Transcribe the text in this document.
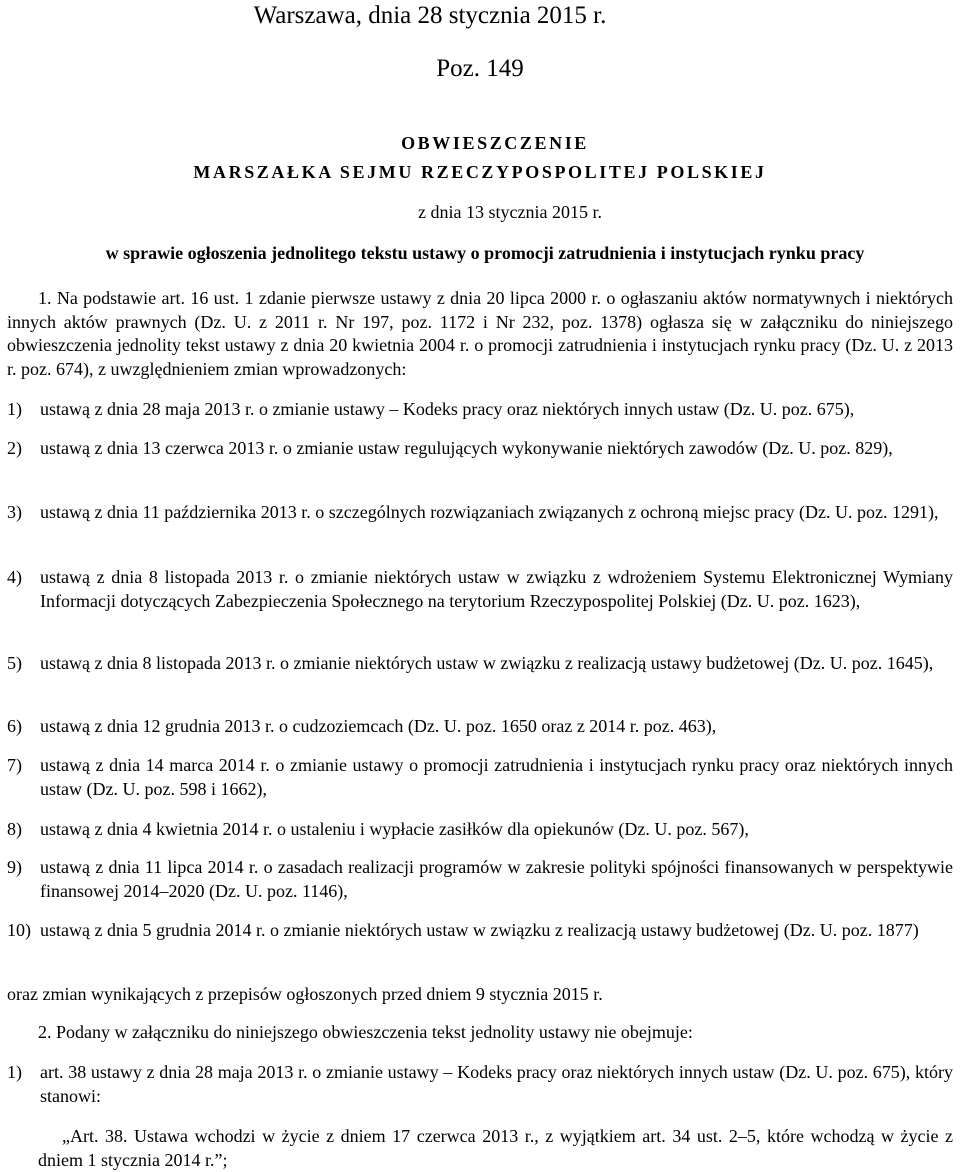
Warszawa, dnia 28 stycznia 2015 r.
Poz. 149
OBWIESZCZENIE
MARSZAŁKA SEJMU RZECZYPOSPOLITEJ POLSKIEJ
z dnia 13 stycznia 2015 r.
w sprawie ogłoszenia jednolitego tekstu ustawy o promocji zatrudnienia i instytucjach rynku pracy
1. Na podstawie art. 16 ust. 1 zdanie pierwsze ustawy z dnia 20 lipca 2000 r. o ogłaszaniu aktów normatywnych i niektórych innych aktów prawnych (Dz. U. z 2011 r. Nr 197, poz. 1172 i Nr 232, poz. 1378) ogłasza się w załączniku do niniejszego obwieszczenia jednolity tekst ustawy z dnia 20 kwietnia 2004 r. o promocji zatrudnienia i instytucjach rynku pracy (Dz. U. z 2013 r. poz. 674), z uwzględnieniem zmian wprowadzonych:
1) ustawą z dnia 28 maja 2013 r. o zmianie ustawy – Kodeks pracy oraz niektórych innych ustaw (Dz. U. poz. 675),
2) ustawą z dnia 13 czerwca 2013 r. o zmianie ustaw regulujących wykonywanie niektórych zawodów (Dz. U. poz. 829),
3) ustawą z dnia 11 października 2013 r. o szczególnych rozwiązaniach związanych z ochroną miejsc pracy (Dz. U. poz. 1291),
4) ustawą z dnia 8 listopada 2013 r. o zmianie niektórych ustaw w związku z wdrożeniem Systemu Elektronicznej Wymiany Informacji dotyczących Zabezpieczenia Społecznego na terytorium Rzeczypospolitej Polskiej (Dz. U. poz. 1623),
5) ustawą z dnia 8 listopada 2013 r. o zmianie niektórych ustaw w związku z realizacją ustawy budżetowej (Dz. U. poz. 1645),
6) ustawą z dnia 12 grudnia 2013 r. o cudzoziemcach (Dz. U. poz. 1650 oraz z 2014 r. poz. 463),
7) ustawą z dnia 14 marca 2014 r. o zmianie ustawy o promocji zatrudnienia i instytucjach rynku pracy oraz niektórych innych ustaw (Dz. U. poz. 598 i 1662),
8) ustawą z dnia 4 kwietnia 2014 r. o ustaleniu i wypłacie zasiłków dla opiekunów (Dz. U. poz. 567),
9) ustawą z dnia 11 lipca 2014 r. o zasadach realizacji programów w zakresie polityki spójności finansowanych w perspektywie finansowej 2014–2020 (Dz. U. poz. 1146),
10) ustawą z dnia 5 grudnia 2014 r. o zmianie niektórych ustaw w związku z realizacją ustawy budżetowej (Dz. U. poz. 1877)
oraz zmian wynikających z przepisów ogłoszonych przed dniem 9 stycznia 2015 r.
2. Podany w załączniku do niniejszego obwieszczenia tekst jednolity ustawy nie obejmuje:
1) art. 38 ustawy z dnia 28 maja 2013 r. o zmianie ustawy – Kodeks pracy oraz niektórych innych ustaw (Dz. U. poz. 675), który stanowi:
„Art. 38. Ustawa wchodzi w życie z dniem 17 czerwca 2013 r., z wyjątkiem art. 34 ust. 2–5, które wchodzą w życie z dniem 1 stycznia 2014 r.”;
